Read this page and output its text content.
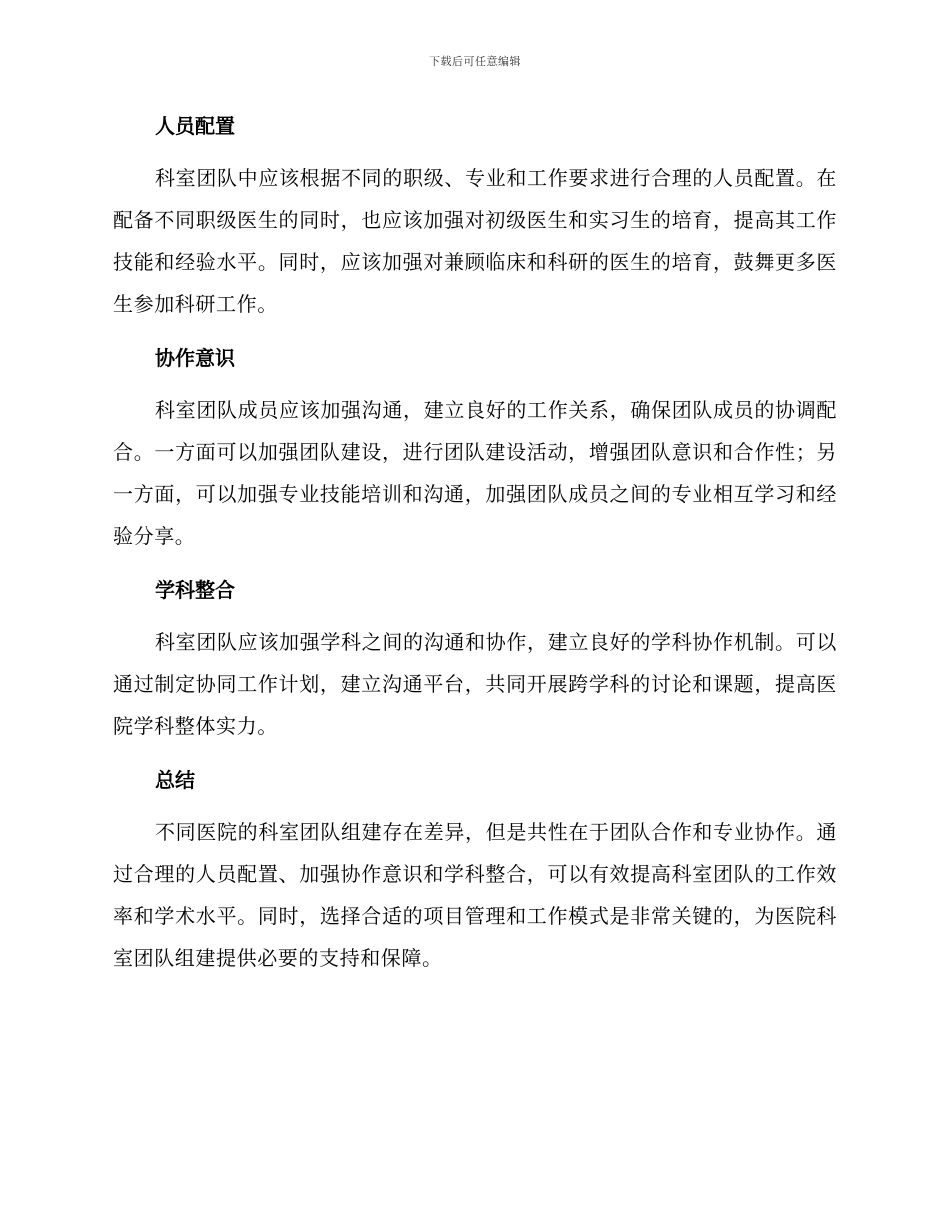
下载后可任意编辑
人员配置

科室团队中应该根据不同的职级、专业和工作要求进行合理的人员配置。在配备不同职级医生的同时，也应该加强对初级医生和实习生的培育，提高其工作技能和经验水平。同时，应该加强对兼顾临床和科研的医生的培育，鼓舞更多医生参加科研工作。

协作意识

科室团队成员应该加强沟通，建立良好的工作关系，确保团队成员的协调配合。一方面可以加强团队建设，进行团队建设活动，增强团队意识和合作性；另一方面，可以加强专业技能培训和沟通，加强团队成员之间的专业相互学习和经验分享。

学科整合

科室团队应该加强学科之间的沟通和协作，建立良好的学科协作机制。可以通过制定协同工作计划，建立沟通平台，共同开展跨学科的讨论和课题，提高医院学科整体实力。

总结

不同医院的科室团队组建存在差异，但是共性在于团队合作和专业协作。通过合理的人员配置、加强协作意识和学科整合，可以有效提高科室团队的工作效率和学术水平。同时，选择合适的项目管理和工作模式是非常关键的，为医院科室团队组建提供必要的支持和保障。
